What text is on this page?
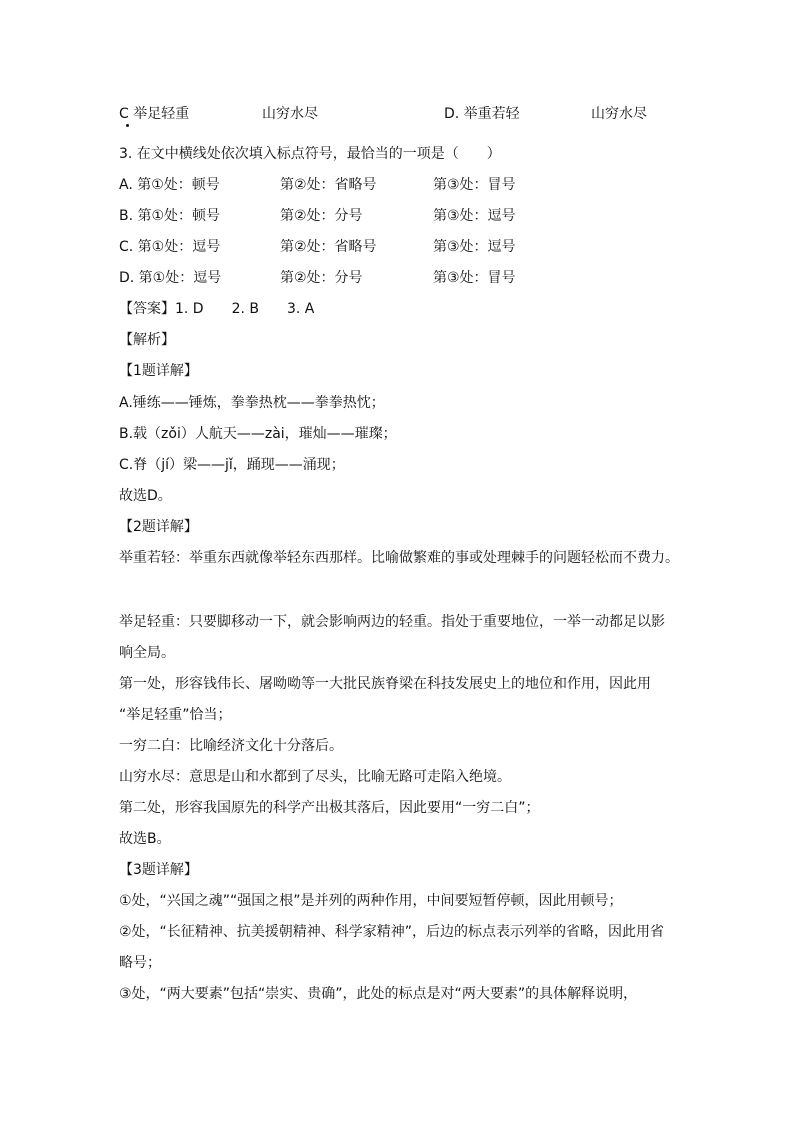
C 举足轻重	山穷水尽	D. 举重若轻	山穷水尽
3. 在文中横线处依次填入标点符号，最恰当的一项是（　　）
A. 第①处：顿号	第②处：省略号	第③处：冒号
B. 第①处：顿号	第②处：分号	第③处：逗号
C. 第①处：逗号	第②处：省略号	第③处：逗号
D. 第①处：逗号	第②处：分号	第③处：冒号
【答案】1. D　　2. B　　3. A
【解析】
【1题详解】
A.锤练——锤炼，拳拳热枕——拳拳热忱；
B.载（zǒi）人航天——zài，璀灿——璀璨；
C.脊（jí）梁——jǐ，踊现——涌现；
故选D。
【2题详解】
举重若轻：举重东西就像举轻东西那样。比喻做繁难的事或处理棘手的问题轻松而不费力。
举足轻重：只要脚移动一下，就会影响两边的轻重。指处于重要地位，一举一动都足以影
响全局。
第一处，形容钱伟长、屠呦呦等一大批民族脊梁在科技发展史上的地位和作用，因此用
“举足轻重”恰当；
一穷二白：比喻经济文化十分落后。
山穷水尽：意思是山和水都到了尽头，比喻无路可走陷入绝境。
第二处，形容我国原先的科学产出极其落后，因此要用“一穷二白”；
故选B。
【3题详解】
①处，“兴国之魂”“强国之根”是并列的两种作用，中间要短暂停顿，因此用顿号；
②处，“长征精神、抗美援朝精神、科学家精神”，后边的标点表示列举的省略，因此用省
略号；
③处，“两大要素”包括“崇实、贵确”，此处的标点是对“两大要素”的具体解释说明，
